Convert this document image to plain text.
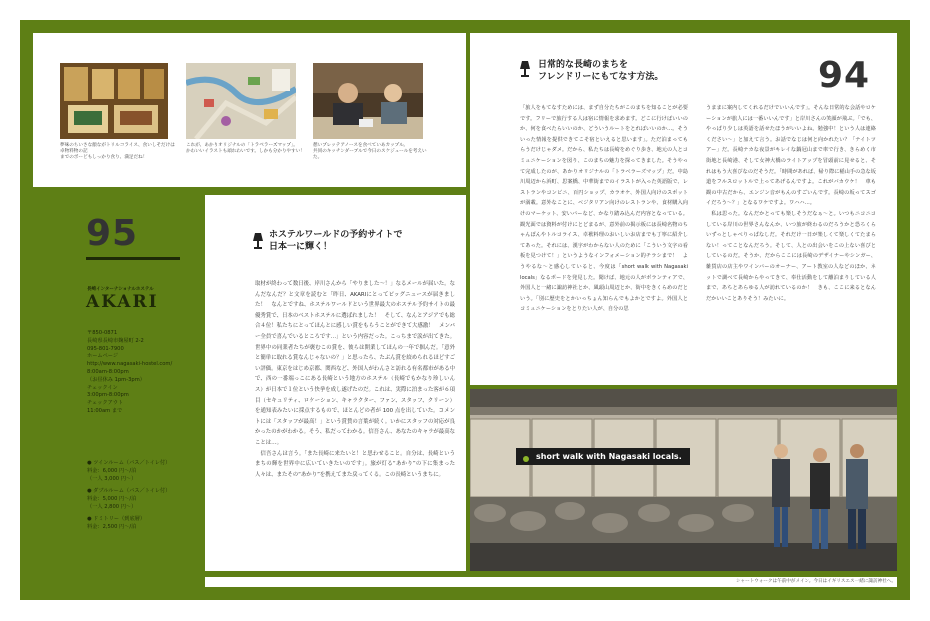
夢味のちいさな顔ながトリルコライス、食いしそだけは卓物料物の記
までのボーどもしっかり食り、満足だね！
これが、あかりオリジナルの「トラベラーズマップ」。
かわいいイラストも頑れわいです。しかも分かりやすい！
憩いプレッテアノースを食べていあカップル。
共同のキッチンダーブルで今日のスケジュールを考えいた。
95
長崎インターナショナルホステル
AKARI
〒850-0871
長崎県長崎市麹屋町 2-2
095-801-7900
ホームページ
http://www.nagasaki-hostel.com/
8:00am-8:00pm
（お昼休み 1pm-3pm）
チェックイン
3:00pm-8:00pm
チェックアウト
11:00am まで
● ツインルーム（バス／トイレ付）
料金：6,000 円〜/泊
（一人 3,000 円〜）
● ダブルルーム（バス／トイレ付）
料金：5,000 円〜/泊
（一人 2,800 円〜）
● ドミトリー（到底層）
料金：2,500 円〜/泊
ホステルワールドの予約サイトで
日本一に輝く！
取材が終わって数日後、岸川さんから「やりました〜！」なるメールが届いた。なんだなんだ？と文章を読むと「昨日、AKARIにとってビッグニュースが届きました！　なんとですね、ホステルワールドという世界最大のホステル予約サイトの最優秀賞で、日本のベストホステルに選ばれました！　そして、なんとアジアでも総合４位！私たちにとってほんとに感しい賞をもらうことができて大感激！　メンバー全員で喜んでいるところです…」という内容だった。こっちまで涙が出てきた。世界中の同業者たちが褒むこの賞を、彼らは開業してほんの一年で掴んだ。「意外と簡単に取れる賞なんじゃないの？」と思ったら、たぶん賞を絞められるほどすごい評価。東京をはじめ京都、関西など、外国人がわんさと訪れる有名都市がある中で、西の一番端っこにある長崎という地方のホステル（長崎でもかなり珍しいんス）が日本で１位という快挙を成し遂げたのだ。これは、実際に泊まった客が６項目（セキュリティ、ロケーション、キャラクター、ファン、スタッフ、クリーン）を通知表みたいに採点するもので、ほとんどの者が 100 点を出していた。コメントには「スタッフが最高！」という賞賛の言葉が続く。いかにスタッフの対応が良かったのかがわかる。そう、私だってわかる。信吾さん、あなたのキャラが最高なことは…。
　信吾さんは言う。「また長崎に来たいと！と思わせること。自分は、長崎というまちの輝を世界中に広いていきたいのです」。旅が灯る“あかり”の下に集まった人々は、またその“あかり”を携えてまた戻ってくる。この長崎というまちに。
日常的な長崎のまちを
フレンドリーにもてなす方法。	94
「旅人をもてなすためには、まず自分たちがこのまちを知ることが必要です。フリーで旅行する人は宿に情報を求めます。どこに行けばいいのか、何を食べたらいいのか、どういうルートをとればいいのか…。そういった情報を提供できてこそ宿といえると思います」。ただ泊まってもらうだけじゃダメ。だから、私たちは長崎をめぐり歩き、地元の人とコミュニケーションを図り、このまちの魅力を探ってきました。そうやって完成したのが、あかりオリジナルの「トラベラーズマップ」だ。中島川周辺から浜町、思案橋、中華街までのイラストが入った英語版で、レストランやコンビニ、百円ショップ、カラオケ、外国人向けのスポットが満載。意外なことに、ベジタリアン向けのレストランや、食材購入向けのマーケット、安いバーなど、かなり踏み込んだ内容となっている。観光面では資料が付けにとどまるが、意外前の掲示板には長崎名物のちゃんぽんやトルコライス、卓袱料理のおいしいお店までも丁寧に紹介してあった。それには、漢字がわからない人のために「こういう文字の看板を見つけて！」というようなインフォメーション的チラシまで！　ようやるな〜と感心していると、今度は「short walk with Nagasaki locals」なるボードを発見した。聞けば、地元の人がボランティアで、外国人と一緒に諏訪神社とか、風頭山周辺とか、街中をきくらめのだという。「別に歴史をとかいっちょん知らんでもよかとですよ。外国人とコミュニケーションをとりたい人が、自分の思
うままに案内してくれるだけでいいんです」。そんな日常的な会話やロケーションが旅人には一番いいんです」と岸川さんの笑顔が飛ぶ。「でも、やっぱり少しは英語を話せたほうがいいよね。勉強中！という人は連絡ください〜」と加えて言う。お話でなじは何と向かれたい？「ナイトツアー」だ。長崎ナカな夜景がキレイな鍋冠山まで車で行き、きらめく市街地と長崎港、そして女神大橋のライトアップを冒頭前に見せると、それはもう大喜びなのだそうだ。「時間があれば、帰り際に稲山手の急な坂道をフルスロットルで上ってあげるんですよ。これがバカウケ！　車も観の中古だから、エンジン音がもんのすごいんです。長崎の坂ってスゴイだろう〜？」となるワケですよ。ワハハ…。
　私は思った。なんだかとっても楽しそうだなぁ〜と。いつもニコニコしている岸川の世界さんなんか、いつ旅が終わるのだろうかと恐ろくらいずっとしゃべりっぱなしだ。それだけ一日が楽しくて楽しくてたまらない！ってことなんだろう。そして、人との出会いをこの上ない喜びとしているのだ。そうか、だからここには長崎のデザイナーやシンガー、雑貨店の店主やワインバーのオーナー、アート教室の人などのほか、ネットで調べて長崎からやってきて、奉仕活動をして離泊まりしている人まで、あちとあらゆる人が訪れているのか！　きも、ここに来るとなんだかいいことありそう！みたいに。
short walk with Nagasaki locals.
シャートウォークは午前中がメイン。今日はイギリスエス一緒に諏訪神社へ。
